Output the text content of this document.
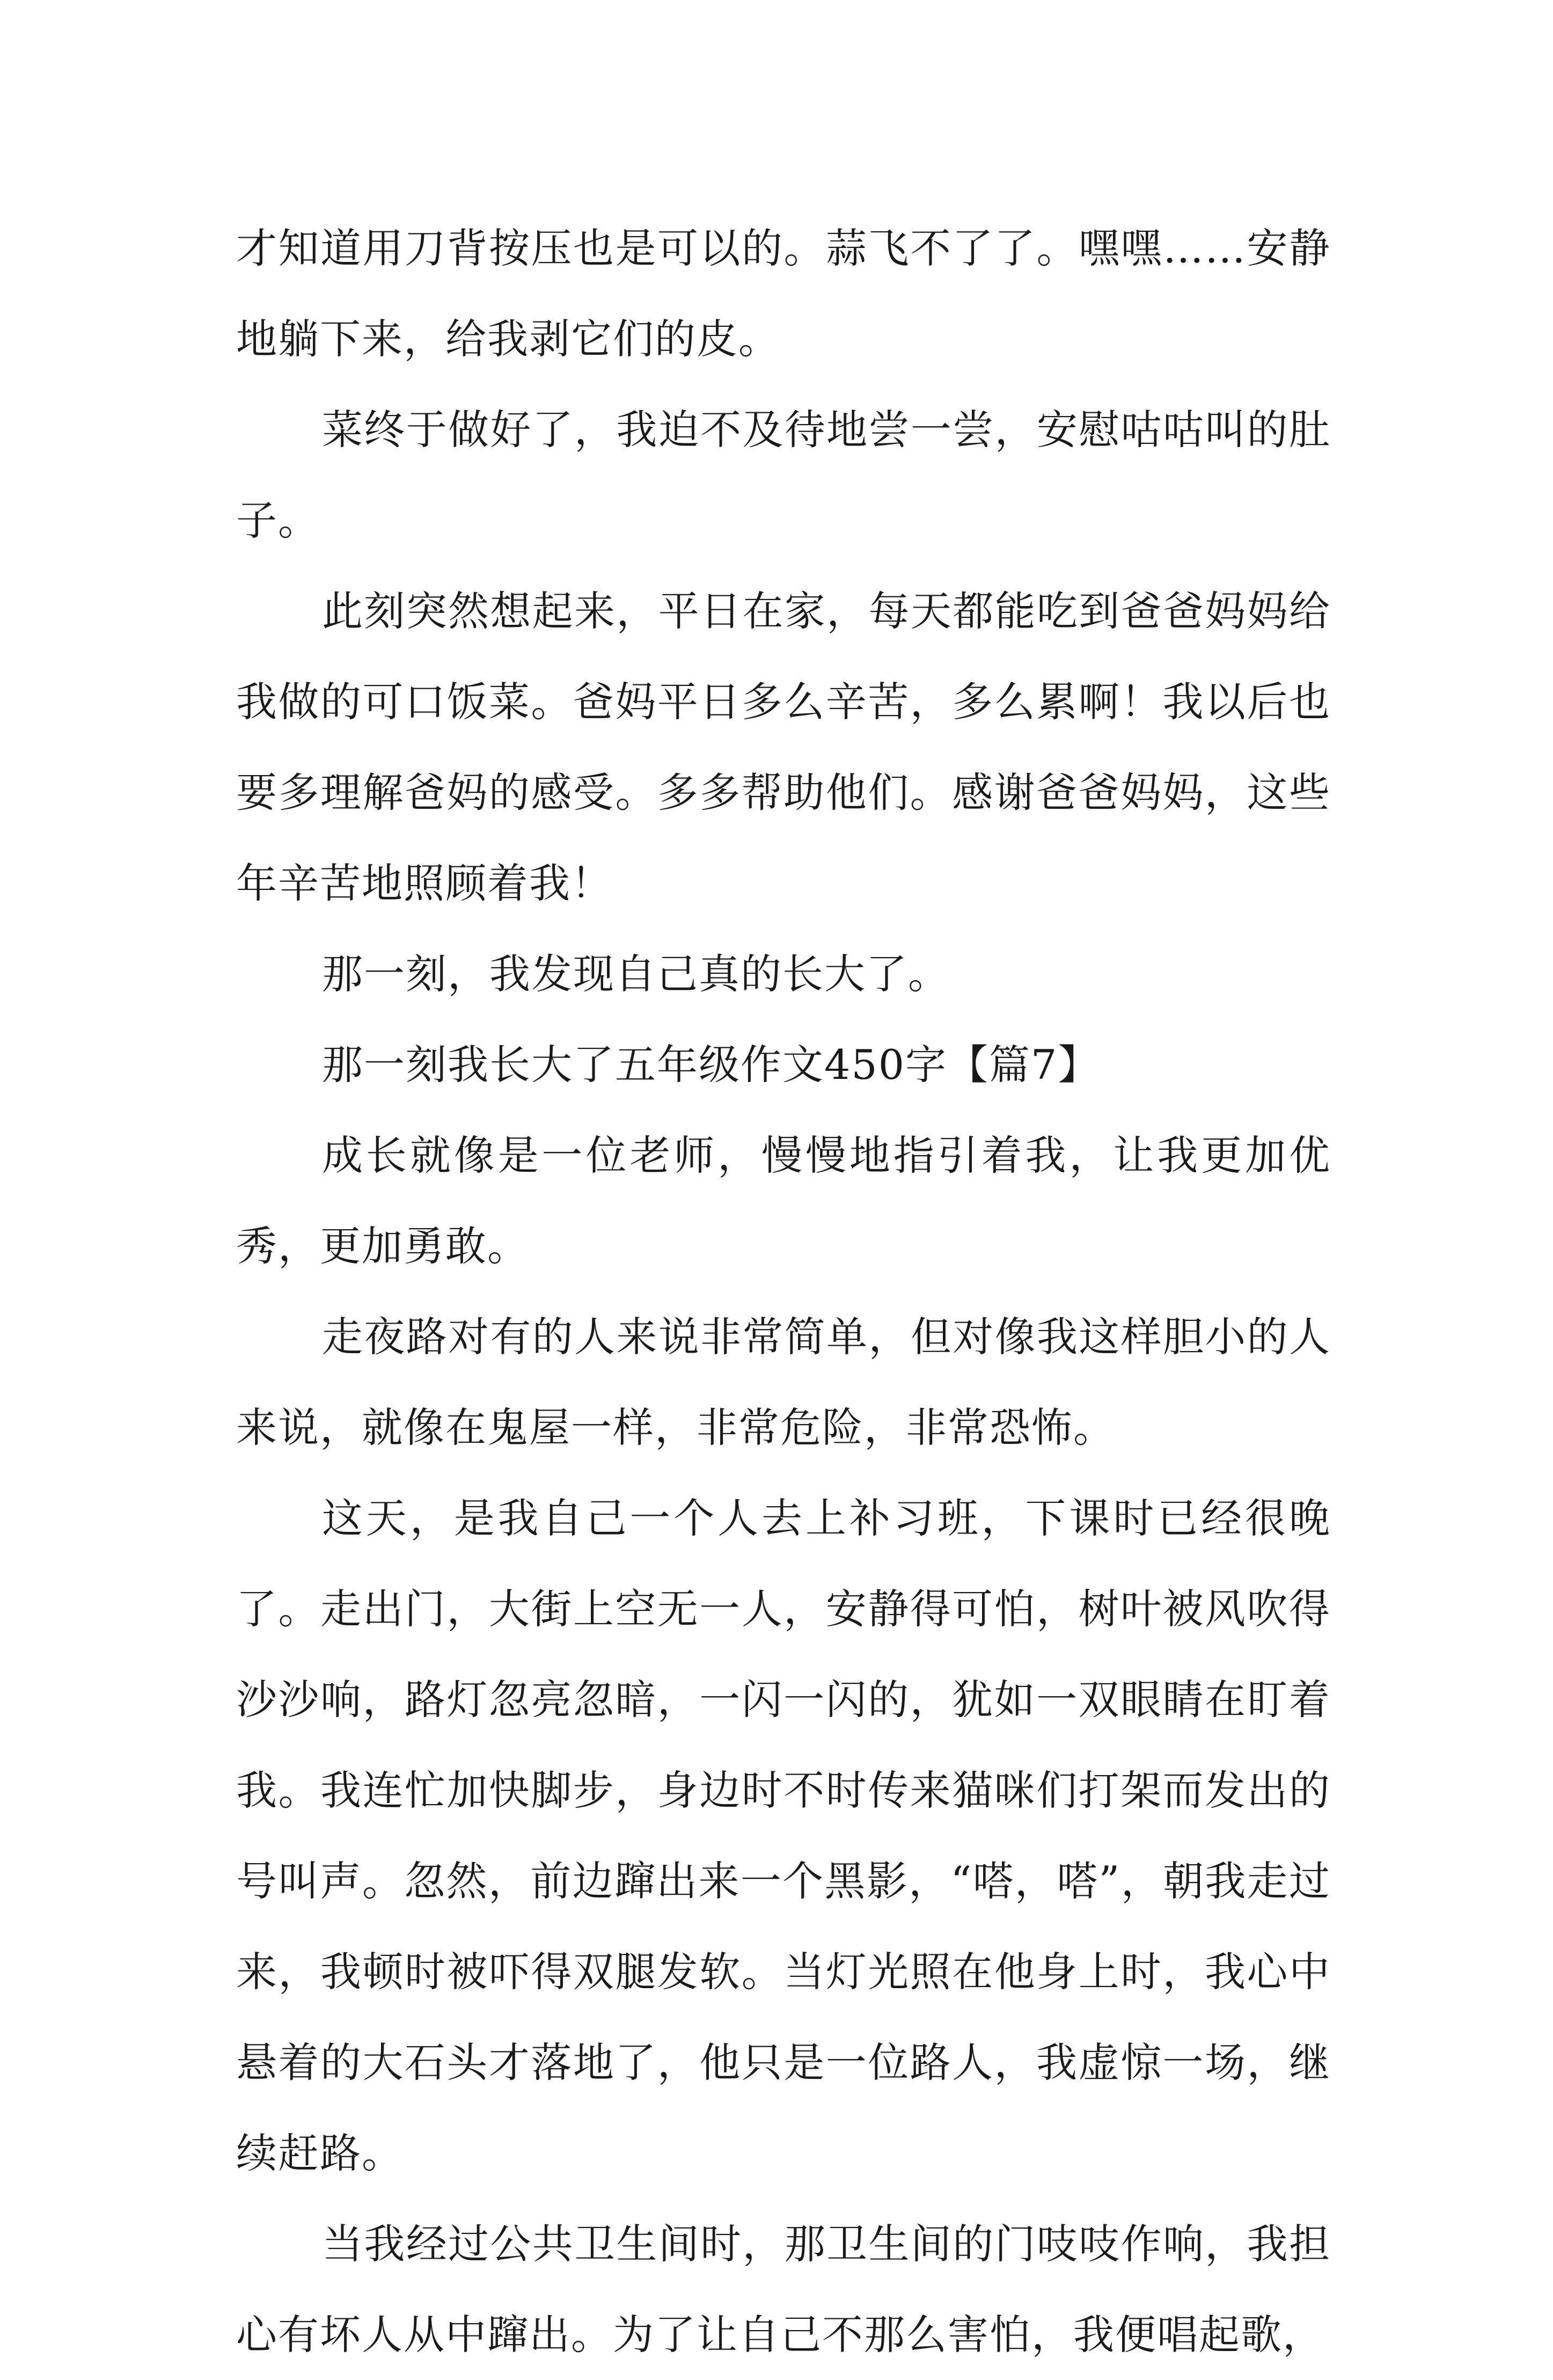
才知道用刀背按压也是可以的。蒜飞不了了。嘿嘿……安静地躺下来，给我剥它们的皮。

菜终于做好了，我迫不及待地尝一尝，安慰咕咕叫的肚子。

此刻突然想起来，平日在家，每天都能吃到爸爸妈妈给我做的可口饭菜。爸妈平日多么辛苦，多么累啊！我以后也要多理解爸妈的感受。多多帮助他们。感谢爸爸妈妈，这些年辛苦地照顾着我！

那一刻，我发现自己真的长大了。

那一刻我长大了五年级作文450字【篇7】

成长就像是一位老师，慢慢地指引着我，让我更加优秀，更加勇敢。

走夜路对有的人来说非常简单，但对像我这样胆小的人来说，就像在鬼屋一样，非常危险，非常恐怖。

这天，是我自己一个人去上补习班，下课时已经很晚了。走出门，大街上空无一人，安静得可怕，树叶被风吹得沙沙响，路灯忽亮忽暗，一闪一闪的，犹如一双眼睛在盯着我。我连忙加快脚步，身边时不时传来猫咪们打架而发出的号叫声。忽然，前边蹿出来一个黑影，“嗒，嗒”，朝我走过来，我顿时被吓得双腿发软。当灯光照在他身上时，我心中悬着的大石头才落地了，他只是一位路人，我虚惊一场，继续赶路。

当我经过公共卫生间时，那卫生间的门吱吱作响，我担心有坏人从中蹿出。为了让自己不那么害怕，我便唱起歌，
